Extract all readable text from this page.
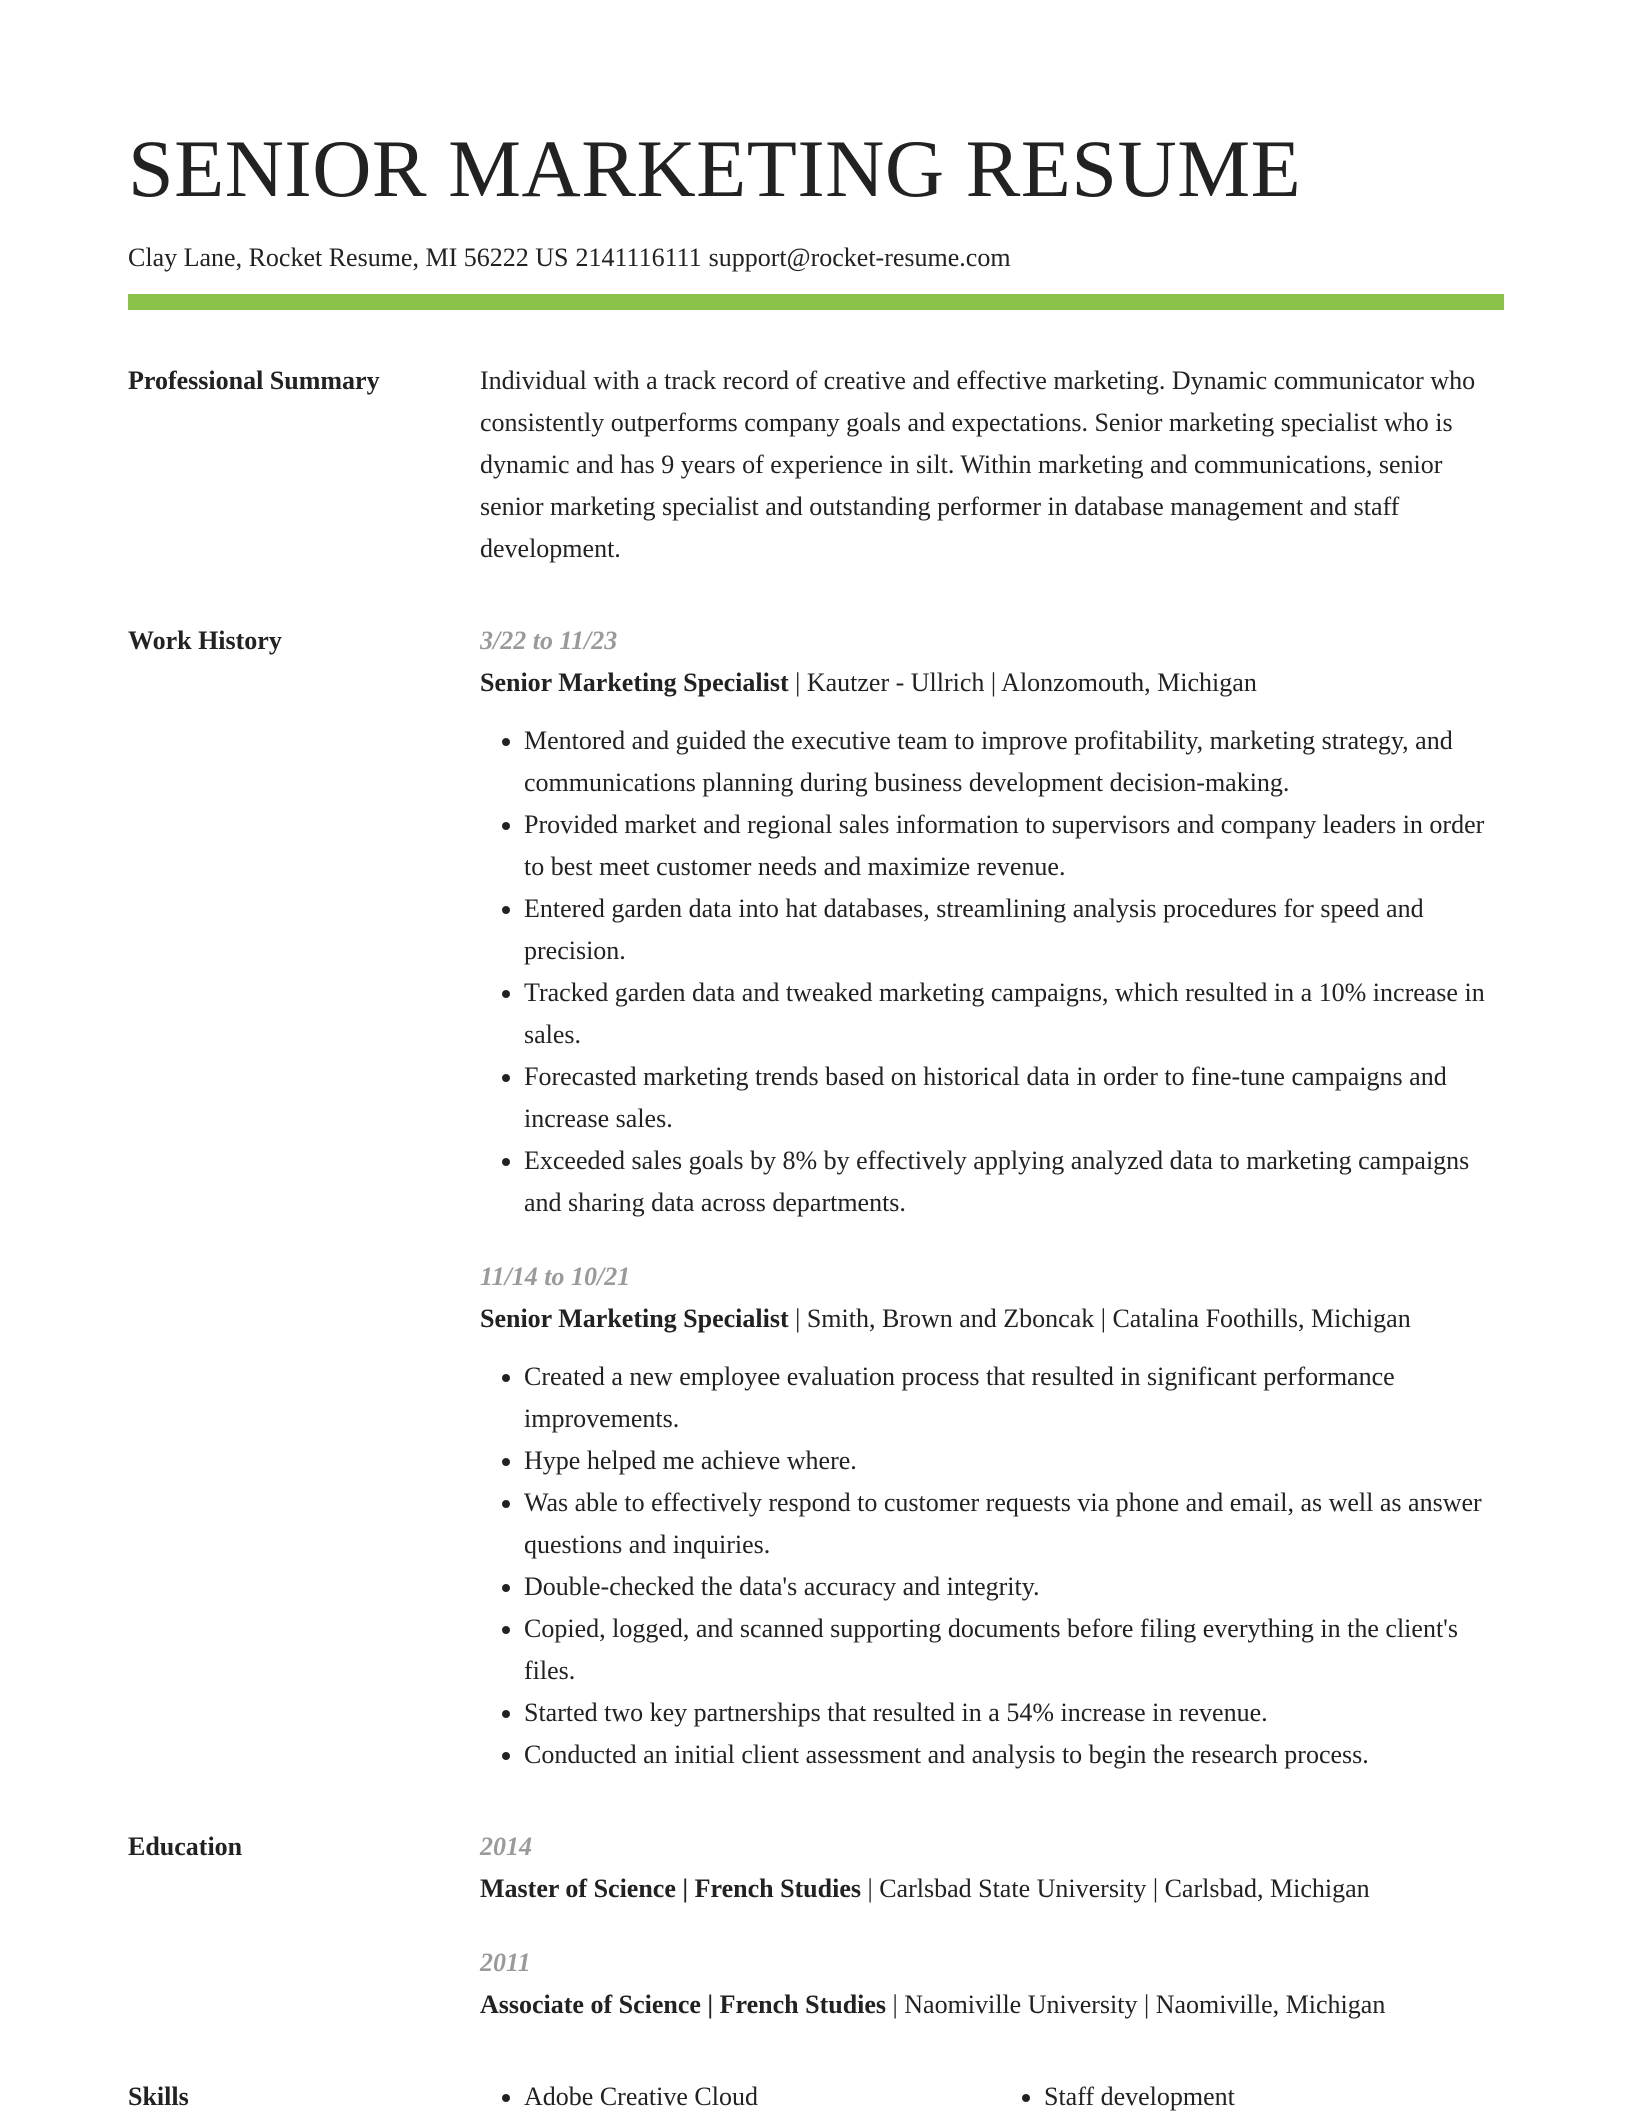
SENIOR MARKETING RESUME
Clay Lane, Rocket Resume, MI 56222 US 2141116111 support@rocket-resume.com
Professional Summary	Individual with a track record of creative and effective marketing. Dynamic communicator who consistently outperforms company goals and expectations. Senior marketing specialist who is dynamic and has 9 years of experience in silt. Within marketing and communications, senior senior marketing specialist and outstanding performer in database management and staff development.

Work History	3/22 to 11/23
Senior Marketing Specialist | Kautzer - Ullrich | Alonzomouth, Michigan
• Mentored and guided the executive team to improve profitability, marketing strategy, and communications planning during business development decision-making.
• Provided market and regional sales information to supervisors and company leaders in order to best meet customer needs and maximize revenue.
• Entered garden data into hat databases, streamlining analysis procedures for speed and precision.
• Tracked garden data and tweaked marketing campaigns, which resulted in a 10% increase in sales.
• Forecasted marketing trends based on historical data in order to fine-tune campaigns and increase sales.
• Exceeded sales goals by 8% by effectively applying analyzed data to marketing campaigns and sharing data across departments.
11/14 to 10/21
Senior Marketing Specialist | Smith, Brown and Zboncak | Catalina Foothills, Michigan
• Created a new employee evaluation process that resulted in significant performance improvements.
• Hype helped me achieve where.
• Was able to effectively respond to customer requests via phone and email, as well as answer questions and inquiries.
• Double-checked the data's accuracy and integrity.
• Copied, logged, and scanned supporting documents before filing everything in the client's files.
• Started two key partnerships that resulted in a 54% increase in revenue.
• Conducted an initial client assessment and analysis to begin the research process.
Education	2014
Master of Science | French Studies | Carlsbad State University | Carlsbad, Michigan
2011
Associate of Science | French Studies | Naomiville University | Naomiville, Michigan
Skills	• Adobe Creative Cloud	• Staff development
